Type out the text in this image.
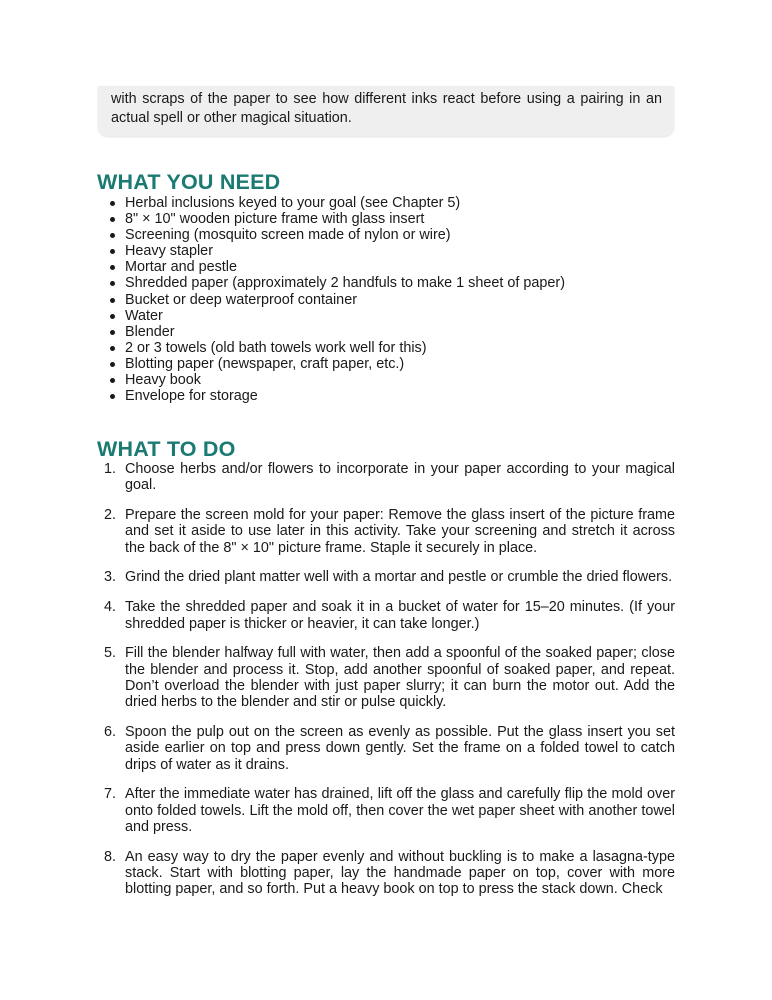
with scraps of the paper to see how different inks react before using a pairing in an actual spell or other magical situation.

WHAT YOU NEED
Herbal inclusions keyed to your goal (see Chapter 5)
8" × 10" wooden picture frame with glass insert
Screening (mosquito screen made of nylon or wire)
Heavy stapler
Mortar and pestle
Shredded paper (approximately 2 handfuls to make 1 sheet of paper)
Bucket or deep waterproof container
Water
Blender
2 or 3 towels (old bath towels work well for this)
Blotting paper (newspaper, craft paper, etc.)
Heavy book
Envelope for storage
WHAT TO DO
1. Choose herbs and/or flowers to incorporate in your paper according to your magical goal.
2. Prepare the screen mold for your paper: Remove the glass insert of the picture frame and set it aside to use later in this activity. Take your screening and stretch it across the back of the 8" × 10" picture frame. Staple it securely in place.
3. Grind the dried plant matter well with a mortar and pestle or crumble the dried flowers.
4. Take the shredded paper and soak it in a bucket of water for 15–20 minutes. (If your shredded paper is thicker or heavier, it can take longer.)
5. Fill the blender halfway full with water, then add a spoonful of the soaked paper; close the blender and process it. Stop, add another spoonful of soaked paper, and repeat. Don’t overload the blender with just paper slurry; it can burn the motor out. Add the dried herbs to the blender and stir or pulse quickly.
6. Spoon the pulp out on the screen as evenly as possible. Put the glass insert you set aside earlier on top and press down gently. Set the frame on a folded towel to catch drips of water as it drains.
7. After the immediate water has drained, lift off the glass and carefully flip the mold over onto folded towels. Lift the mold off, then cover the wet paper sheet with another towel and press.
8. An easy way to dry the paper evenly and without buckling is to make a lasagna-type stack. Start with blotting paper, lay the handmade paper on top, cover with more blotting paper, and so forth. Put a heavy book on top to press the stack down. Check
